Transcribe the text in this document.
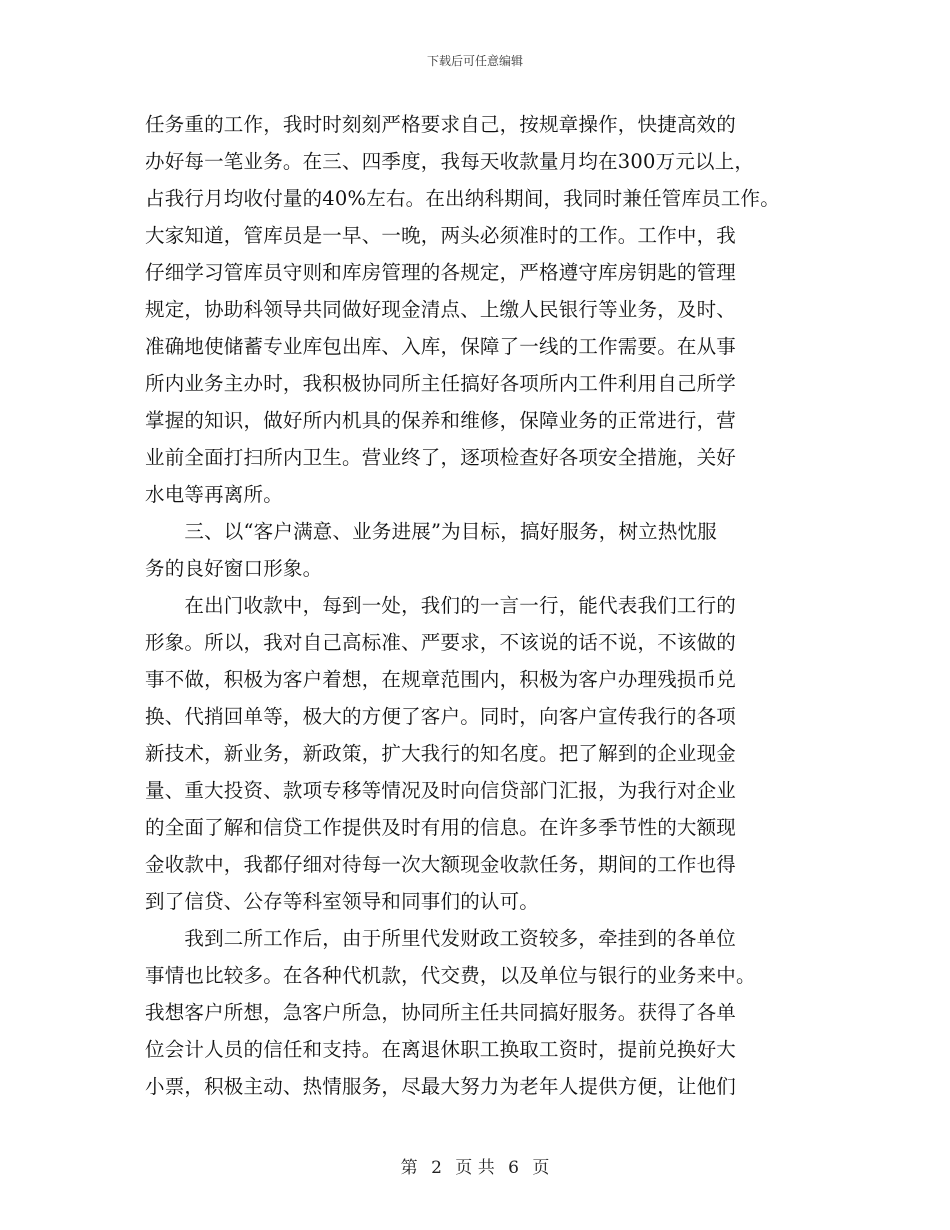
下载后可任意编辑
任务重的工作，我时时刻刻严格要求自己，按规章操作，快捷高效的
办好每一笔业务。在三、四季度，我每天收款量月均在300万元以上，
占我行月均收付量的40%左右。在出纳科期间，我同时兼任管库员工作。
大家知道，管库员是一早、一晚，两头必须准时的工作。工作中，我
仔细学习管库员守则和库房管理的各规定，严格遵守库房钥匙的管理
规定，协助科领导共同做好现金清点、上缴人民银行等业务，及时、
准确地使储蓄专业库包出库、入库，保障了一线的工作需要。在从事
所内业务主办时，我积极协同所主任搞好各项所内工件利用自己所学
掌握的知识，做好所内机具的保养和维修，保障业务的正常进行，营
业前全面打扫所内卫生。营业终了，逐项检查好各项安全措施，关好
水电等再离所。
　　三、以“客户满意、业务进展”为目标，搞好服务，树立热忱服
务的良好窗口形象。
　　在出门收款中，每到一处，我们的一言一行，能代表我们工行的
形象。所以，我对自己高标准、严要求，不该说的话不说，不该做的
事不做，积极为客户着想，在规章范围内，积极为客户办理残损币兑
换、代捎回单等，极大的方便了客户。同时，向客户宣传我行的各项
新技术，新业务，新政策，扩大我行的知名度。把了解到的企业现金
量、重大投资、款项专移等情况及时向信贷部门汇报，为我行对企业
的全面了解和信贷工作提供及时有用的信息。在许多季节性的大额现
金收款中，我都仔细对待每一次大额现金收款任务，期间的工作也得
到了信贷、公存等科室领导和同事们的认可。
　　我到二所工作后，由于所里代发财政工资较多，牵挂到的各单位
事情也比较多。在各种代机款，代交费，以及单位与银行的业务来中。
我想客户所想，急客户所急，协同所主任共同搞好服务。获得了各单
位会计人员的信任和支持。在离退休职工换取工资时，提前兑换好大
小票，积极主动、热情服务，尽最大努力为老年人提供方便，让他们
第 2 页 共 6 页
